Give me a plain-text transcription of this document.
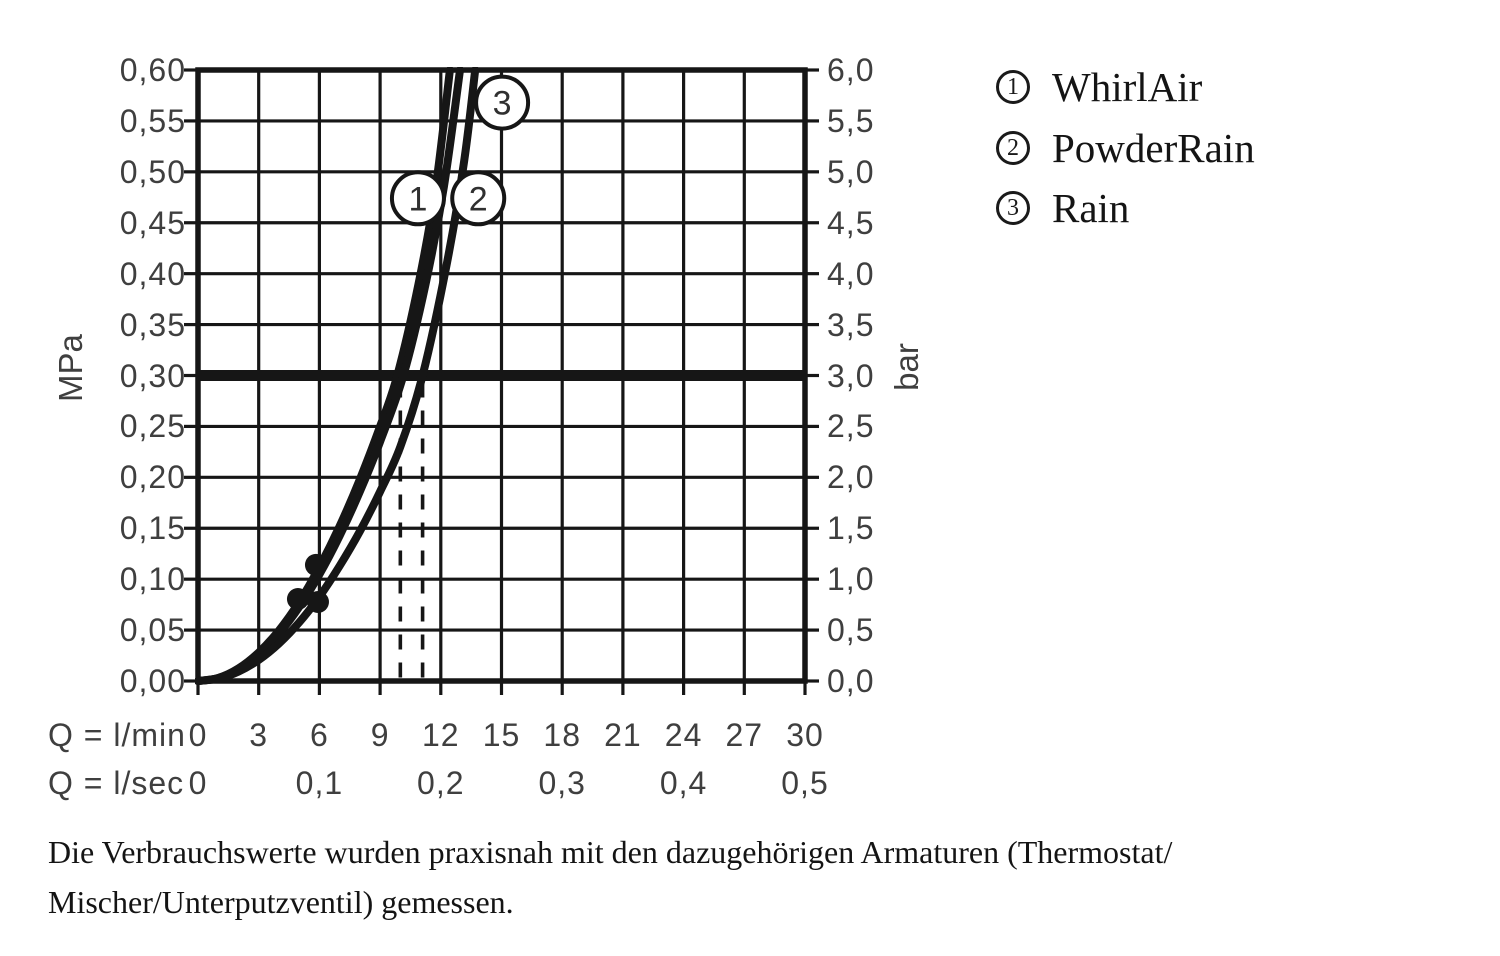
1 2
3
0,60
0,55
0,50
0,45
0,40
0,35
0,30
0,25
0,20
0,15
0,10
0,05
0,00
6,0
5,5
5,0
4,5
4,0
3,5
3,0
2,5
2,0
1,5
1,0
0,5
0,0
0	3	6	9	12 15 18 21 24 27 30
0	0,1	0,2	0,3	0,4	0,5
MPa	bar
Q = l/min
Q = l/sec
1 WhirlAir
2 PowderRain
3 Rain
Die Verbrauchswerte wurden praxisnah mit den dazugehörigen Armaturen (Thermostat/
Mischer/Unterputzventil) gemessen.
